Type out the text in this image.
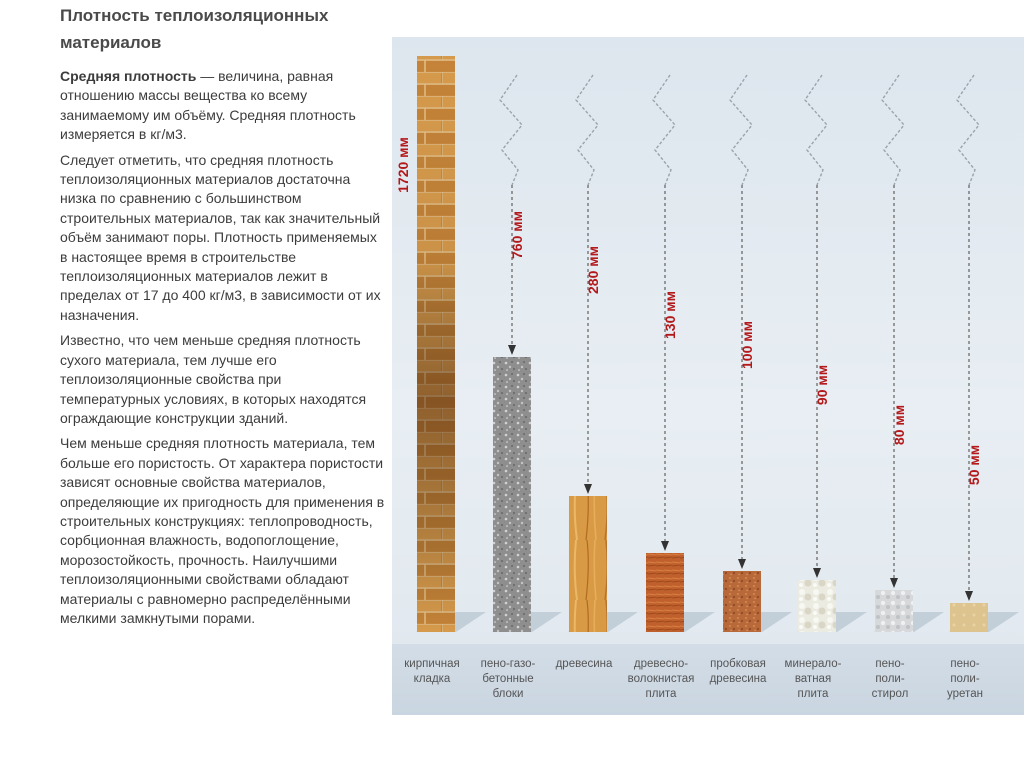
Плотность теплоизоляционных материалов

Средняя плотность — величина, равная отношению массы вещества ко всему занимаемому им объёму. Средняя плотность измеряется в кг/м3.

Следует отметить, что средняя плотность теплоизоляционных материалов достаточна низка по сравнению с большинством строительных материалов, так как значительный объём занимают поры. Плотность применяемых в настоящее время в строительстве теплоизоляционных материалов лежит в пределах от 17 до 400 кг/м3, в зависимости от их назначения.

Известно, что чем меньше средняя плотность сухого материала, тем лучше его теплоизоляционные свойства при температурных условиях, в которых находятся ограждающие конструкции зданий.

Чем меньше средняя плотность материала, тем больше его пористость. От характера пористости зависят основные свойства материалов, определяющие их пригодность для применения в строительных конструкциях: теплопроводность, сорбционная влажность, водопоглощение, морозостойкость, прочность. Наилучшими теплоизоляционными свойствами обладают материалы с равномерно распределёнными мелкими замкнутыми порами.

1720 мм
кирпичная кладка
760 мм
пено-газо-бетонные блоки
280 мм
древесина
130 мм
древесно-волокнистая плита
100 мм
пробковая древесина
90 мм
минерало-ватная плита
80 мм
пено-поли-стирол
50 мм
пено-поли-уретан
